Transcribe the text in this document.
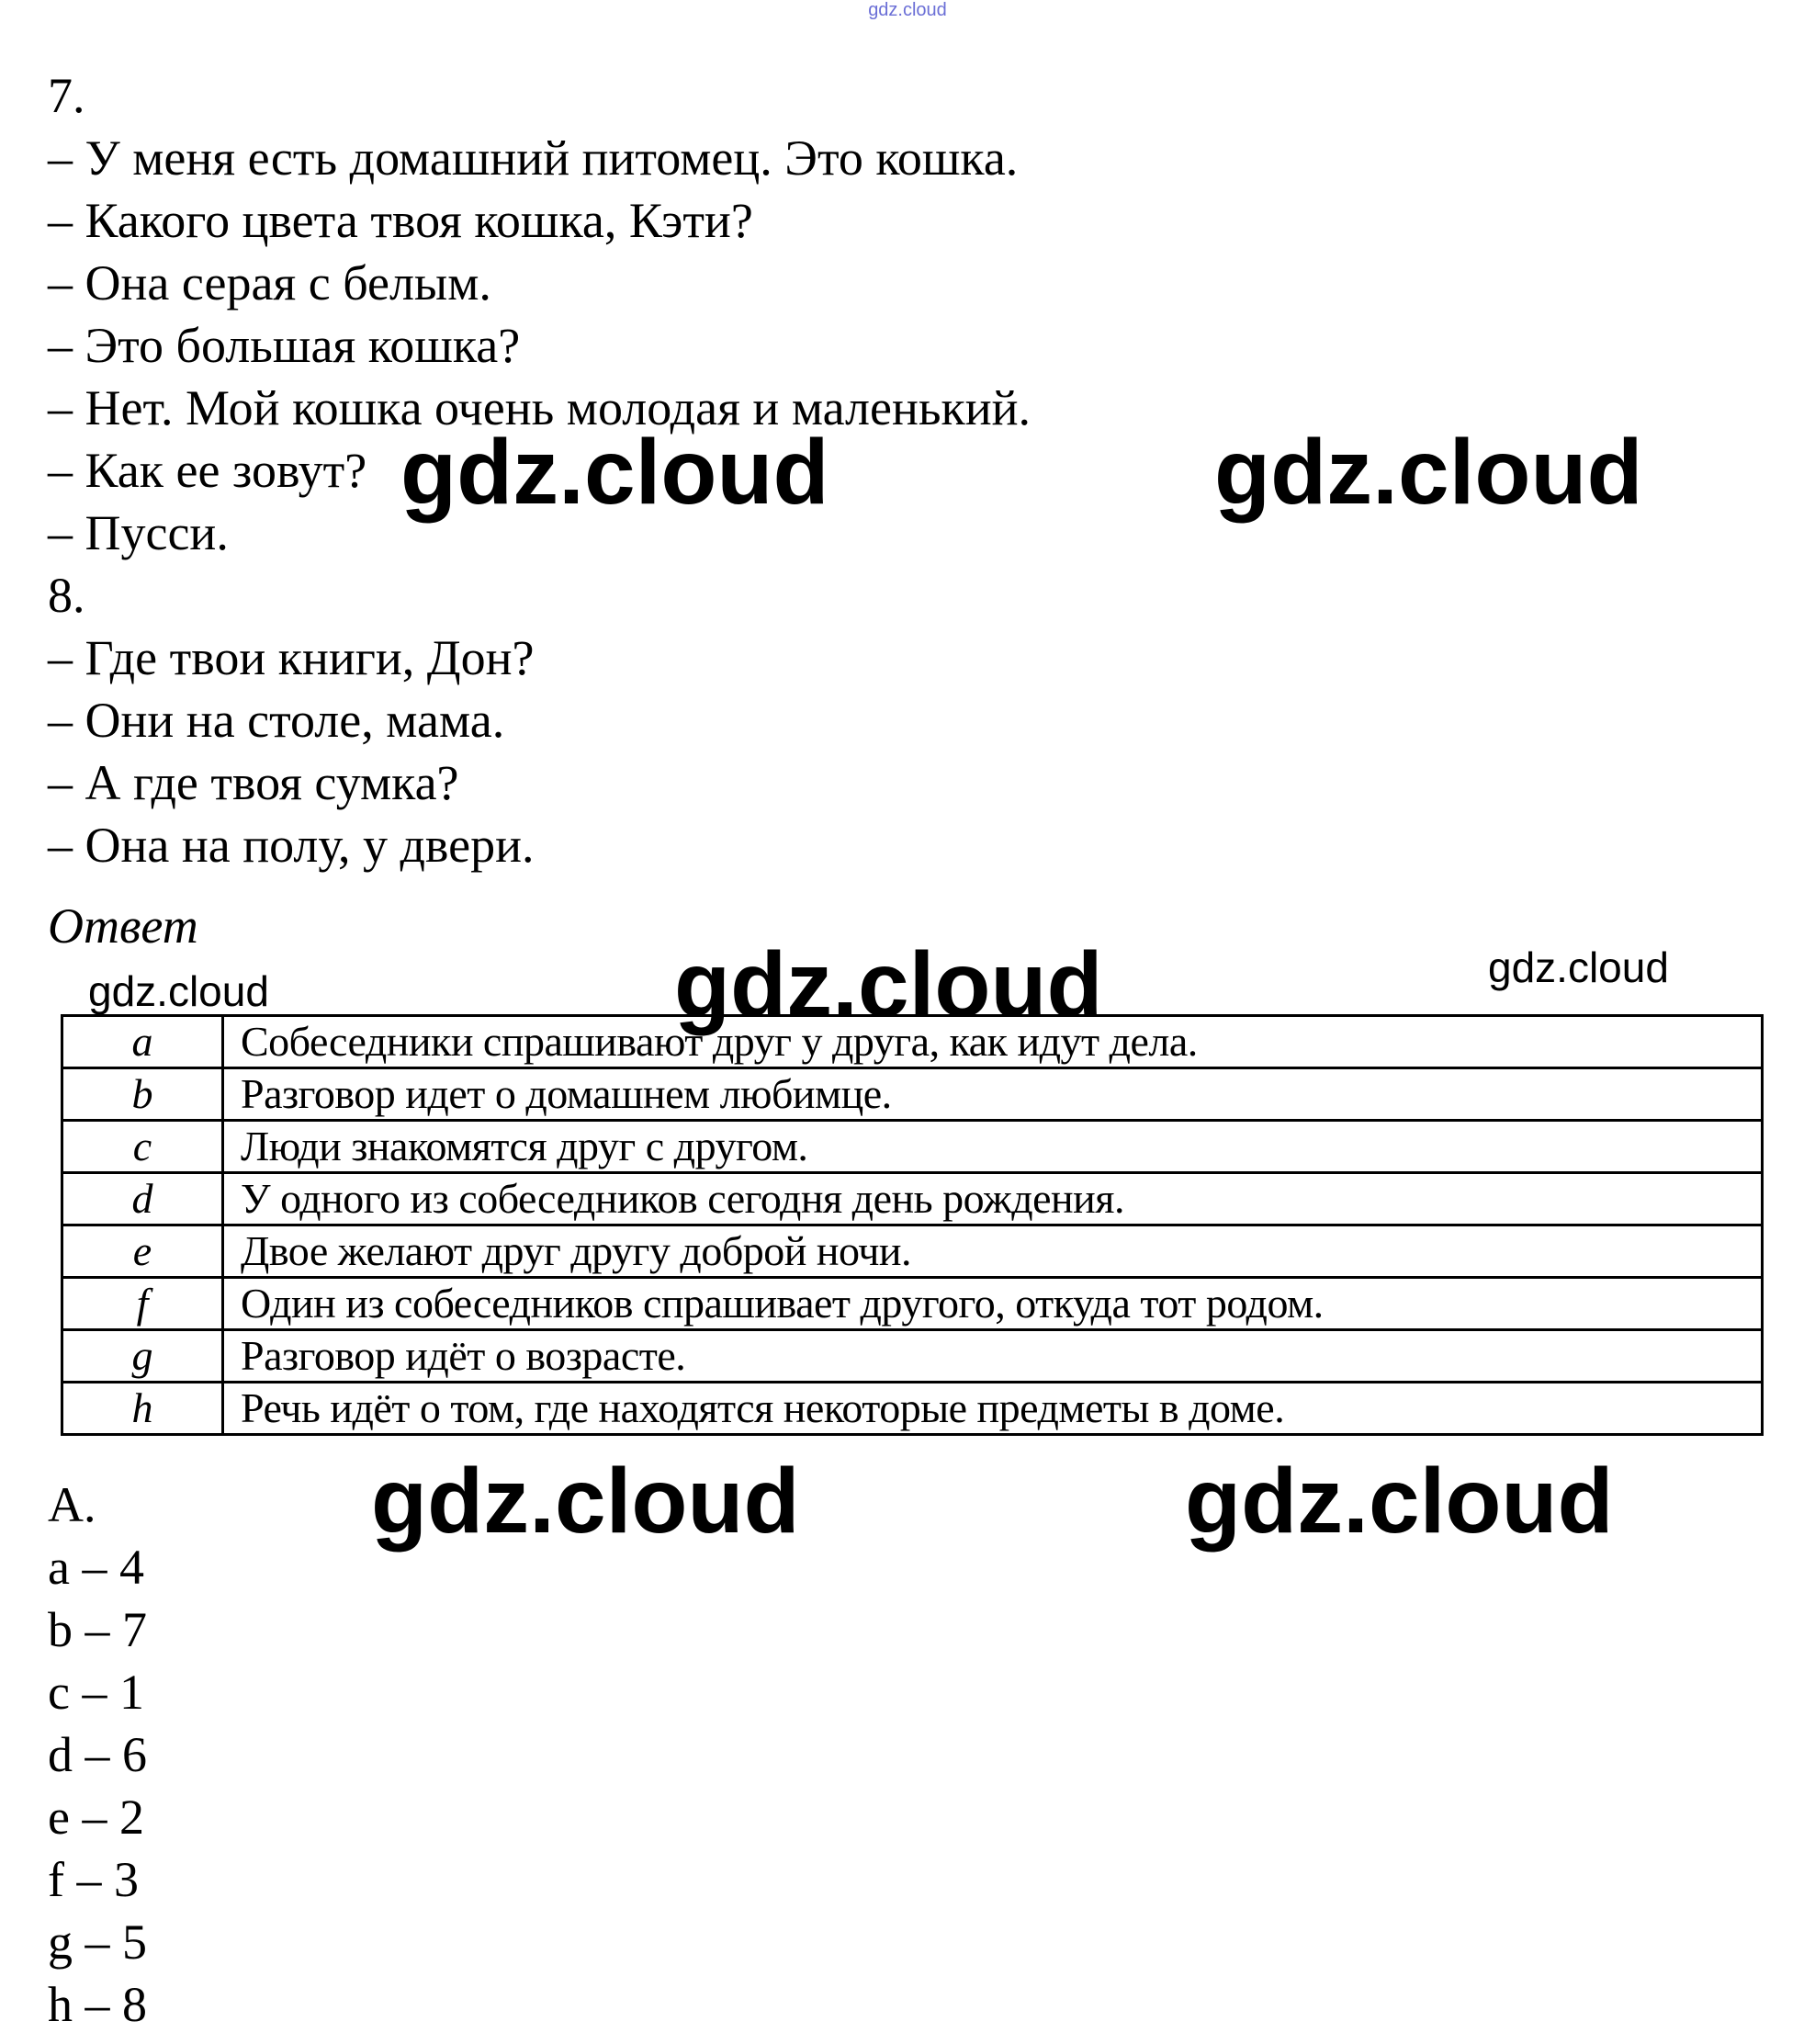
gdz.cloud
7.
– У меня есть домашний питомец. Это кошка.
– Какого цвета твоя кошка, Кэти?
– Она серая с белым.
– Это большая кошка?
– Нет. Мой кошка очень молодая и маленький.
– Как ее зовут?
– Пусси.
8.
– Где твои книги, Дон?
– Они на столе, мама.
– А где твоя сумка?
– Она на полу, у двери.
Ответ
a	Собеседники спрашивают друг у друга, как идут дела.
b	Разговор идет о домашнем любимце.
c	Люди знакомятся друг с другом.
d	У одного из собеседников сегодня день рождения.
e	Двое желают друг другу доброй ночи.
f	Один из собеседников спрашивает другого, откуда тот родом.
g	Разговор идёт о возрасте.
h	Речь идёт о том, где находятся некоторые предметы в доме.
A.
a – 4
b – 7
c – 1
d – 6
e – 2
f – 3
g – 5
h – 8
gdz.cloud	gdz.cloud
gdz.cloud	gdz.cloud	gdz.cloud
gdz.cloud	gdz.cloud
